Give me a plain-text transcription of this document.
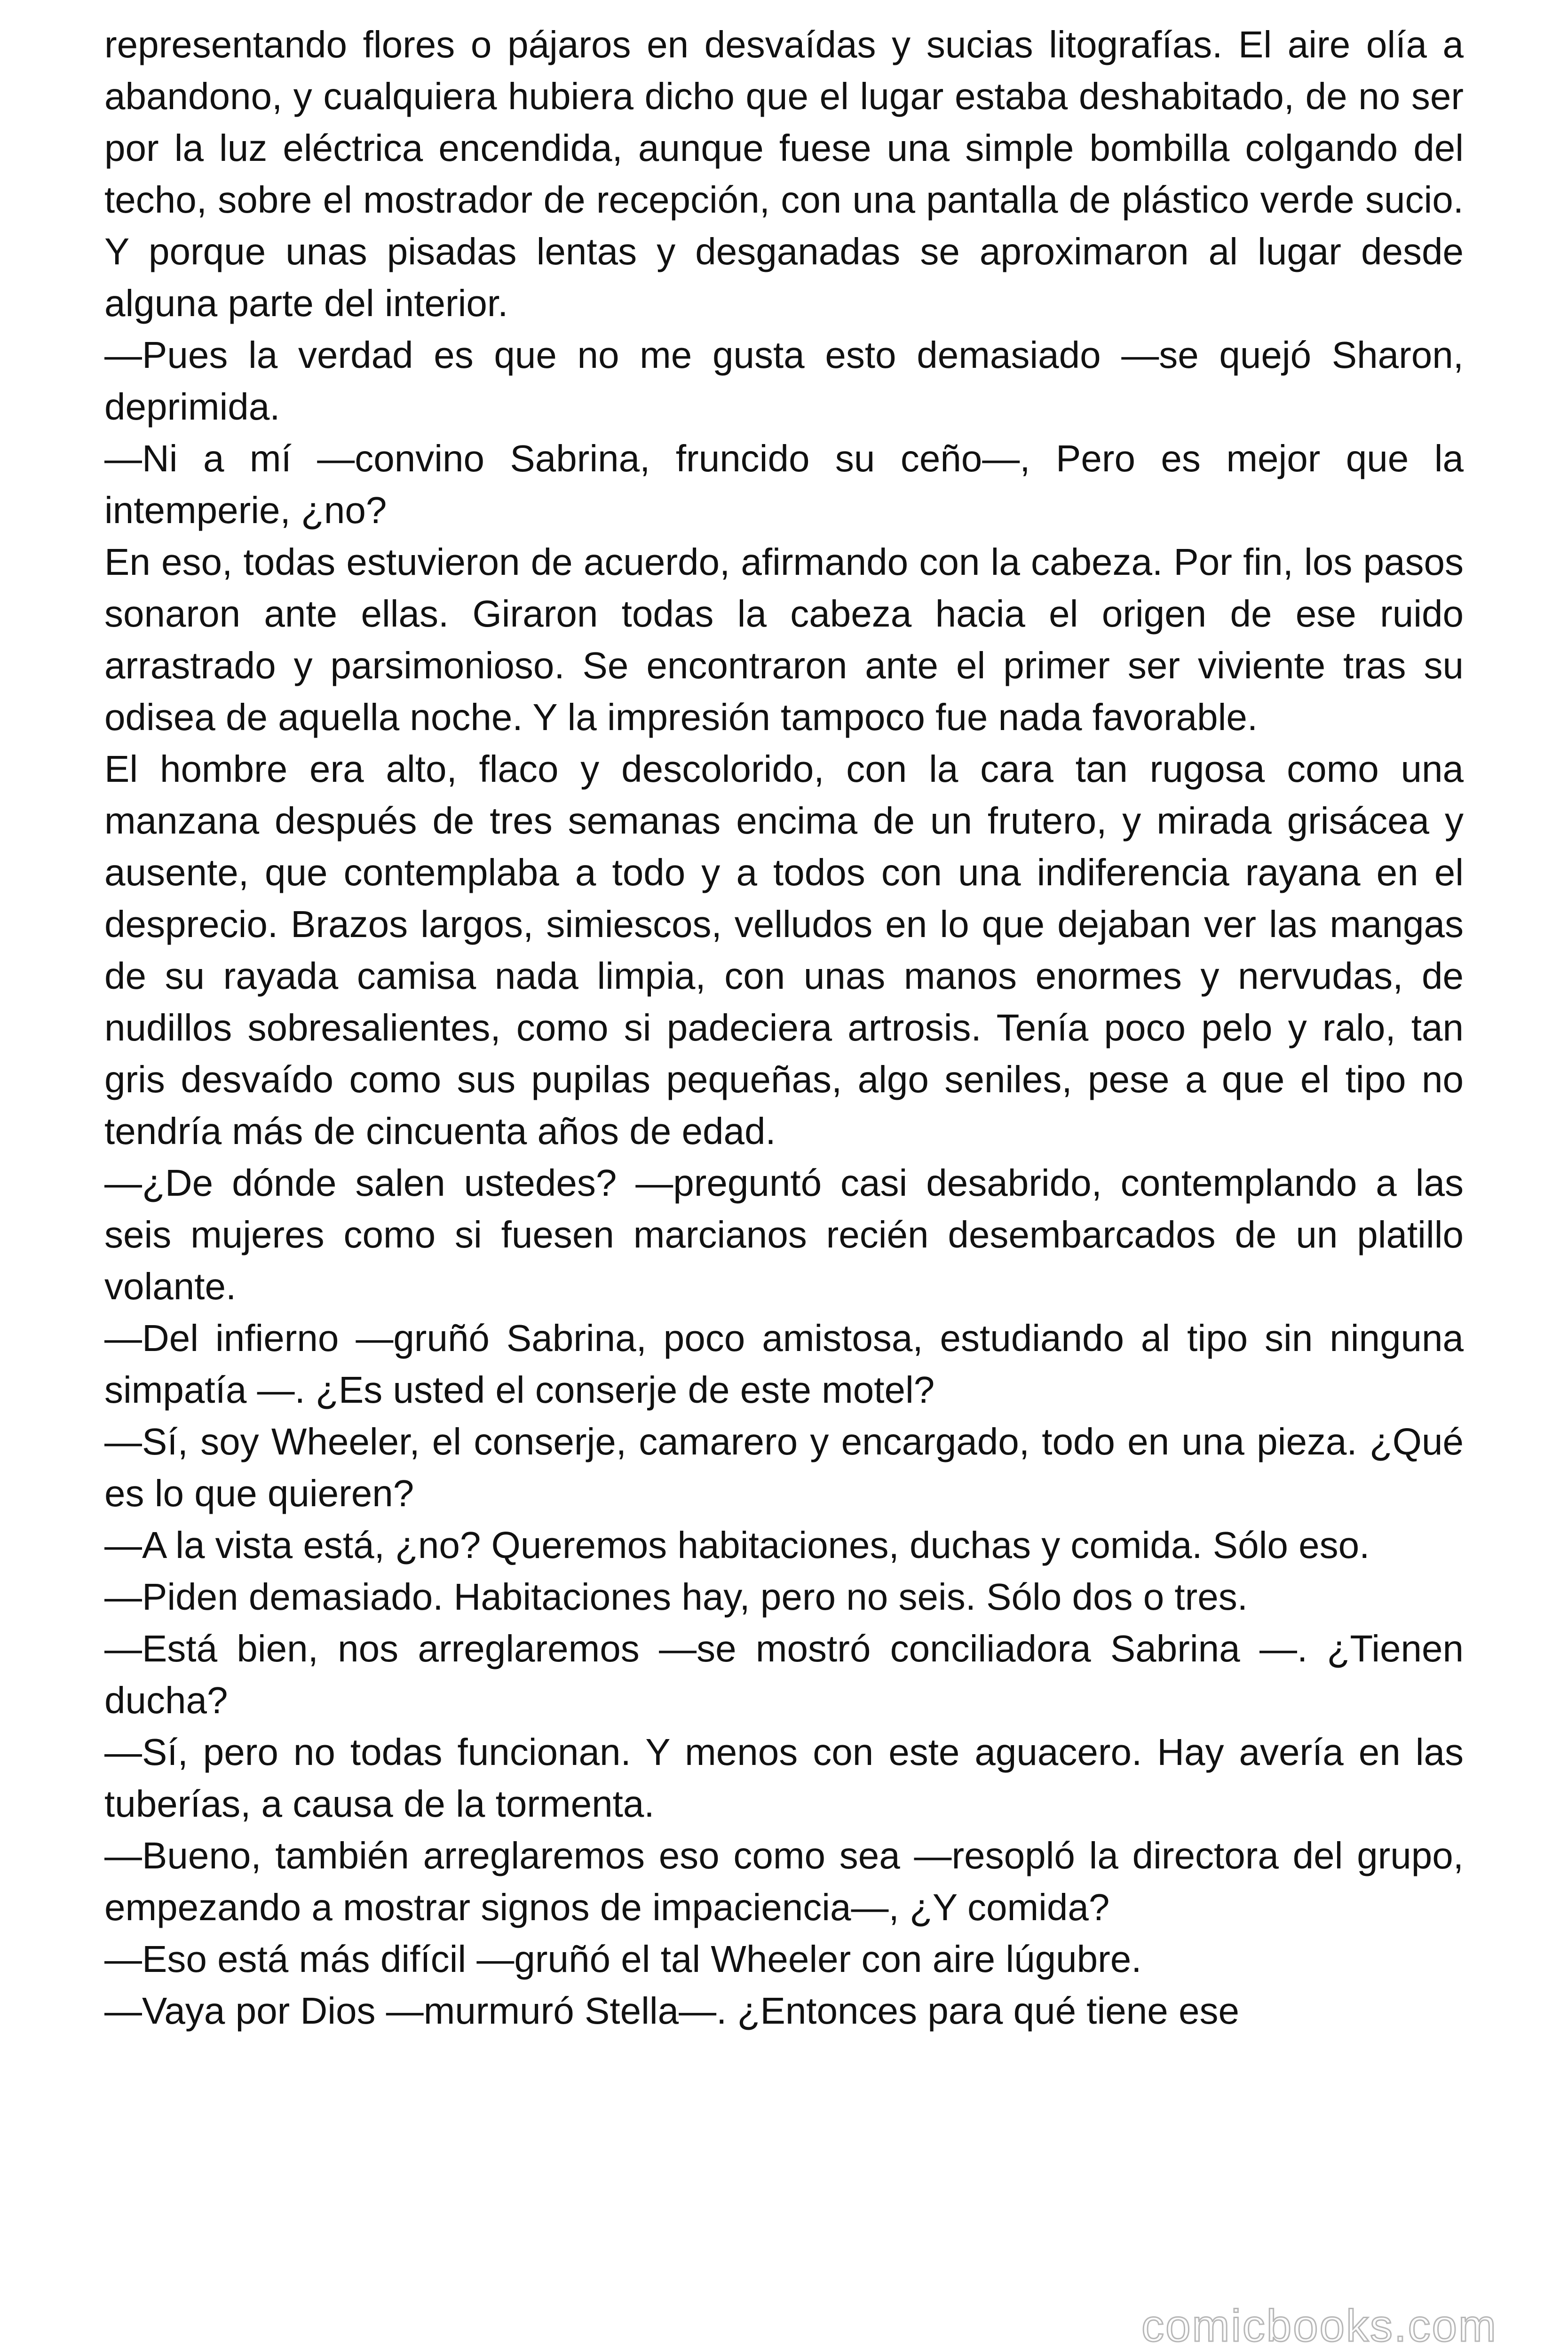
representando flores o pájaros en desvaídas y sucias litografías. El aire olía a abandono, y cualquiera hubiera dicho que el lugar estaba deshabitado, de no ser por la luz eléctrica encendida, aunque fuese una simple bombilla colgando del techo, sobre el mostrador de recepción, con una pantalla de plástico verde sucio. Y porque unas pisadas lentas y desganadas se aproximaron al lugar desde alguna parte del interior.

—Pues la verdad es que no me gusta esto demasiado —se quejó Sharon, deprimida.

—Ni a mí —convino Sabrina, fruncido su ceño—, Pero es mejor que la intemperie, ¿no?

En eso, todas estuvieron de acuerdo, afirmando con la cabeza. Por fin, los pasos sonaron ante ellas. Giraron todas la cabeza hacia el origen de ese ruido arrastrado y parsimonioso. Se encontraron ante el primer ser viviente tras su odisea de aquella noche. Y la impresión tampoco fue nada favorable.

El hombre era alto, flaco y descolorido, con la cara tan rugosa como una manzana después de tres semanas encima de un frutero, y mirada grisácea y ausente, que contemplaba a todo y a todos con una indiferencia rayana en el desprecio. Brazos largos, simiescos, velludos en lo que dejaban ver las mangas de su rayada camisa nada limpia, con unas manos enormes y nervudas, de nudillos sobresalientes, como si padeciera artrosis. Tenía poco pelo y ralo, tan gris desvaído como sus pupilas pequeñas, algo seniles, pese a que el tipo no tendría más de cincuenta años de edad.

—¿De dónde salen ustedes? —preguntó casi desabrido, contemplando a las seis mujeres como si fuesen marcianos recién desembarcados de un platillo volante.

—Del infierno —gruñó Sabrina, poco amistosa, estudiando al tipo sin ninguna simpatía —. ¿Es usted el conserje de este motel?

—Sí, soy Wheeler, el conserje, camarero y encargado, todo en una pieza. ¿Qué es lo que quieren?

—A la vista está, ¿no? Queremos habitaciones, duchas y comida. Sólo eso.

—Piden demasiado. Habitaciones hay, pero no seis. Sólo dos o tres.

—Está bien, nos arreglaremos —se mostró conciliadora Sabrina —. ¿Tienen ducha?

—Sí, pero no todas funcionan. Y menos con este aguacero. Hay avería en las tuberías, a causa de la tormenta.

—Bueno, también arreglaremos eso como sea —resopló la directora del grupo, empezando a mostrar signos de impaciencia—, ¿Y comida?

—Eso está más difícil —gruñó el tal Wheeler con aire lúgubre.

—Vaya por Dios —murmuró Stella—. ¿Entonces para qué tiene ese

comicbooks.com
